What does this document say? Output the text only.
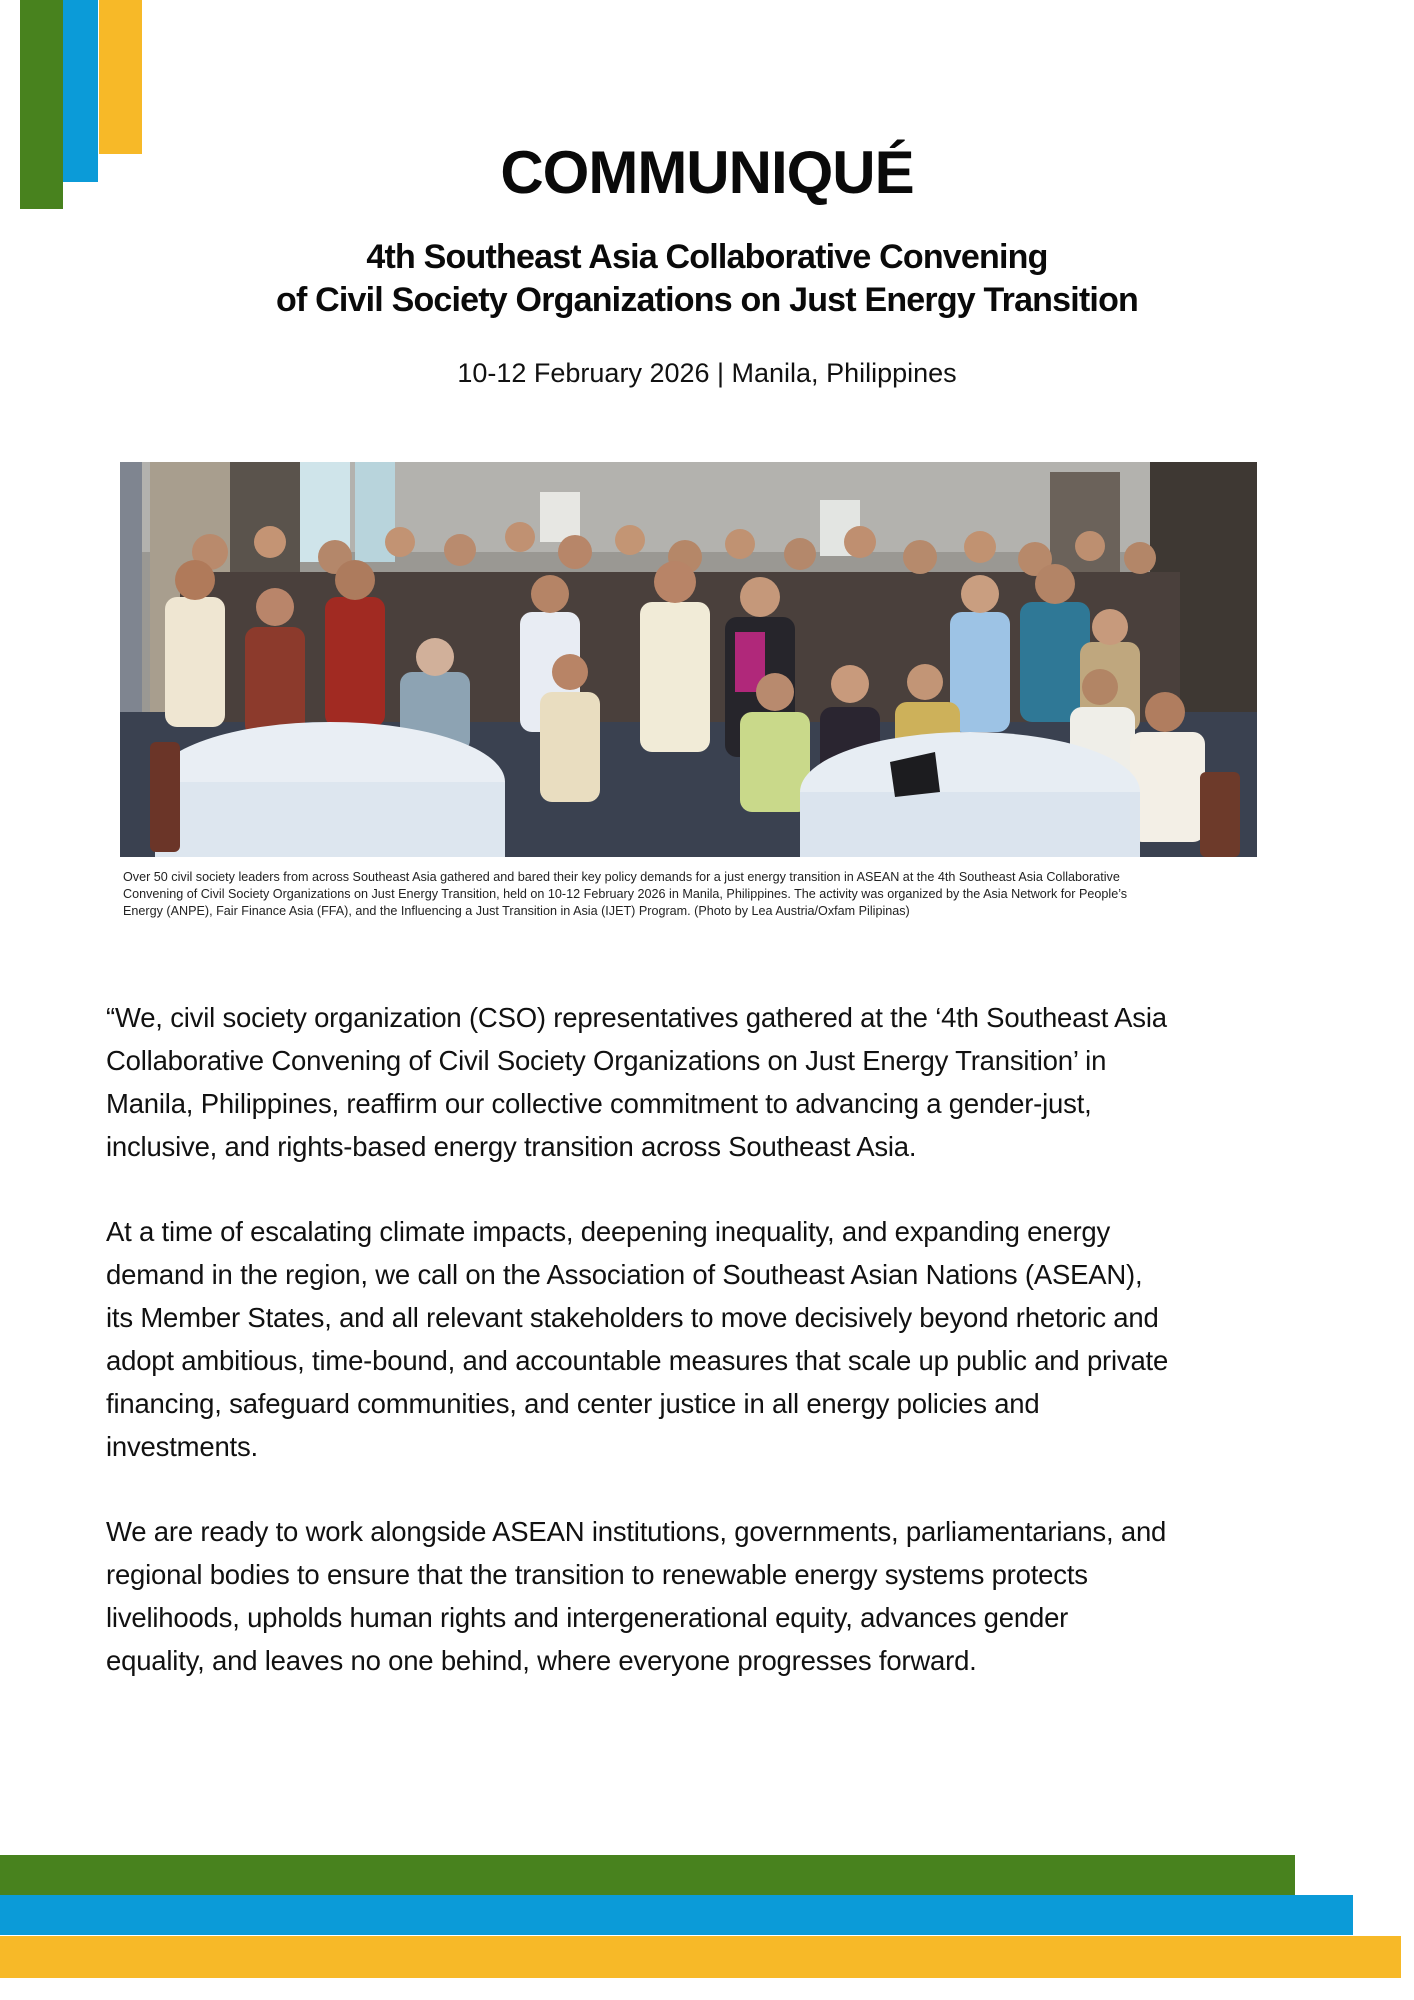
COMMUNIQUÉ
4th Southeast Asia Collaborative Convening
of Civil Society Organizations on Just Energy Transition
10-12 February 2026 | Manila, Philippines
Over 50 civil society leaders from across Southeast Asia gathered and bared their key policy demands for a just energy transition in ASEAN at the 4th Southeast Asia Collaborative
Convening of Civil Society Organizations on Just Energy Transition, held on 10-12 February 2026 in Manila, Philippines. The activity was organized by the Asia Network for People’s
Energy (ANPE), Fair Finance Asia (FFA), and the Influencing a Just Transition in Asia (IJET) Program. (Photo by Lea Austria/Oxfam Pilipinas)
“We, civil society organization (CSO) representatives gathered at the ‘4th Southeast Asia
Collaborative Convening of Civil Society Organizations on Just Energy Transition’ in
Manila, Philippines, reaffirm our collective commitment to advancing a gender-just,
inclusive, and rights-based energy transition across Southeast Asia.
At a time of escalating climate impacts, deepening inequality, and expanding energy
demand in the region, we call on the Association of Southeast Asian Nations (ASEAN),
its Member States, and all relevant stakeholders to move decisively beyond rhetoric and
adopt ambitious, time-bound, and accountable measures that scale up public and private
financing, safeguard communities, and center justice in all energy policies and
investments.
We are ready to work alongside ASEAN institutions, governments, parliamentarians, and
regional bodies to ensure that the transition to renewable energy systems protects
livelihoods, upholds human rights and intergenerational equity, advances gender
equality, and leaves no one behind, where everyone progresses forward.
